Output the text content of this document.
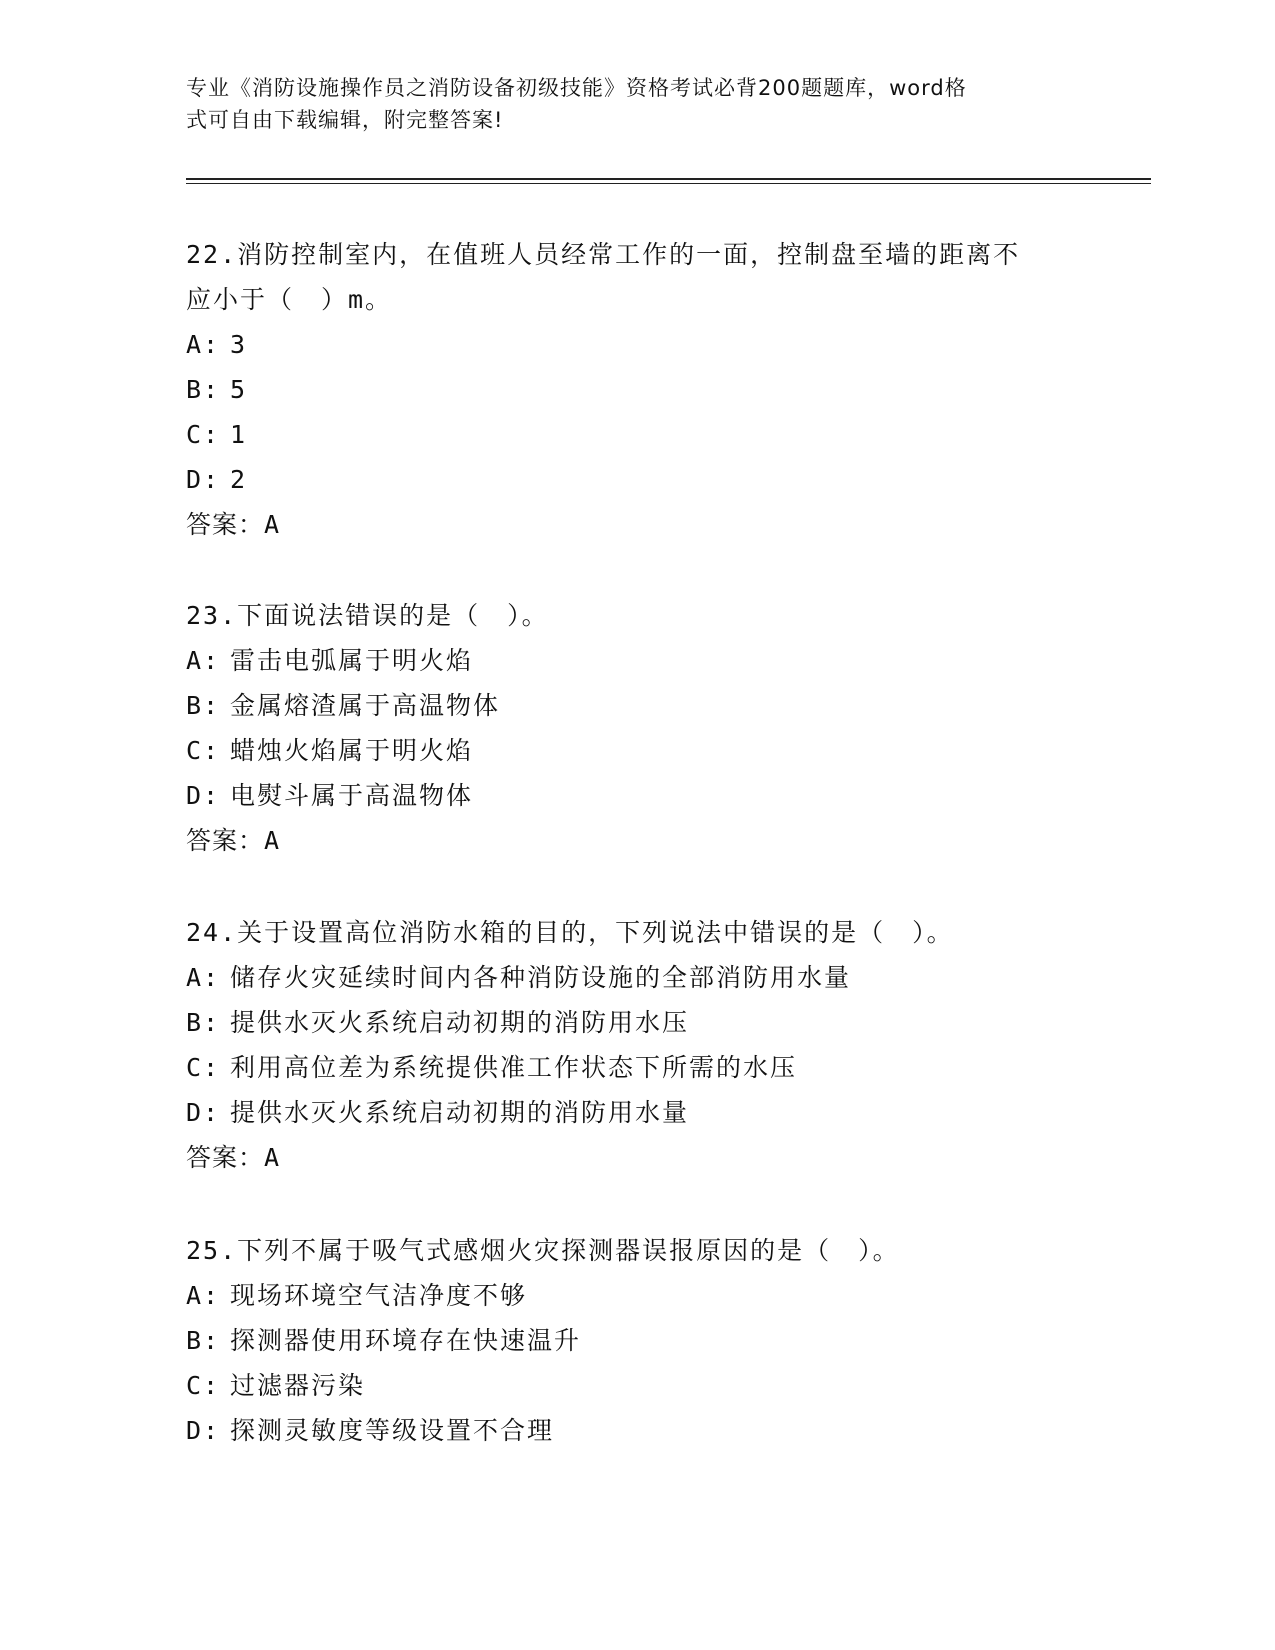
专业《消防设施操作员之消防设备初级技能》资格考试必背200题题库，word格
式可自由下载编辑，附完整答案!
22.消防控制室内，在值班人员经常工作的一面，控制盘至墙的距离不
应小于（　）m。
A: 3
B: 5
C: 1
D: 2
答案：A
23.下面说法错误的是（　）。
A: 雷击电弧属于明火焰
B: 金属熔渣属于高温物体
C: 蜡烛火焰属于明火焰
D: 电熨斗属于高温物体
答案：A
24.关于设置高位消防水箱的目的，下列说法中错误的是（　）。
A: 储存火灾延续时间内各种消防设施的全部消防用水量
B: 提供水灭火系统启动初期的消防用水压
C: 利用高位差为系统提供准工作状态下所需的水压
D: 提供水灭火系统启动初期的消防用水量
答案：A
25.下列不属于吸气式感烟火灾探测器误报原因的是（　）。
A: 现场环境空气洁净度不够
B: 探测器使用环境存在快速温升
C: 过滤器污染
D: 探测灵敏度等级设置不合理
